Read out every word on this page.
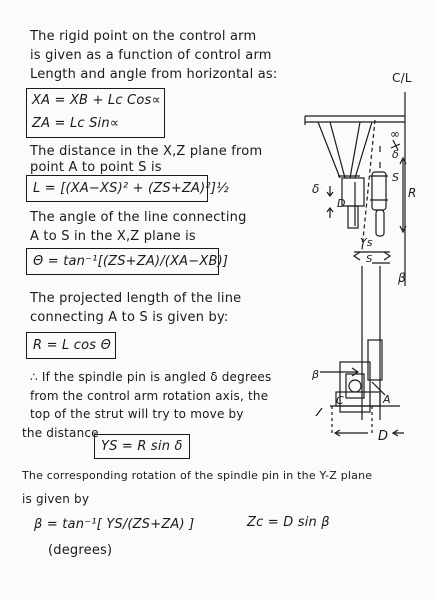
The rigid point on the control arm
is given as a function of control arm
Length and angle from horizontal as:	C/L
XA = XB + Lc Cos∝
ZA = Lc Sin∝
The distance in the X,Z plane from
point A to point S is
L = [(XA−XS)² + (ZS+ZA)²]½
The angle of the line connecting
A to S in the X,Z plane is
Θ = tan⁻¹[(ZS+ZA)/(XA−XB)]
The projected length of the line
connecting A to S is given by:
R = L cos Θ
∴ If the spindle pin is angled δ degrees
from the control arm rotation axis, the
top of the strut will try to move by
the distance
YS = R sin δ
The corresponding rotation of the spindle pin in the Y-Z plane
is given by
β = tan⁻¹[ YS/(ZS+ZA) ]	Zc = D sin β
(degrees)
∞
δ
S
R
δ
D
Ys
S
β
β
C	A
D
